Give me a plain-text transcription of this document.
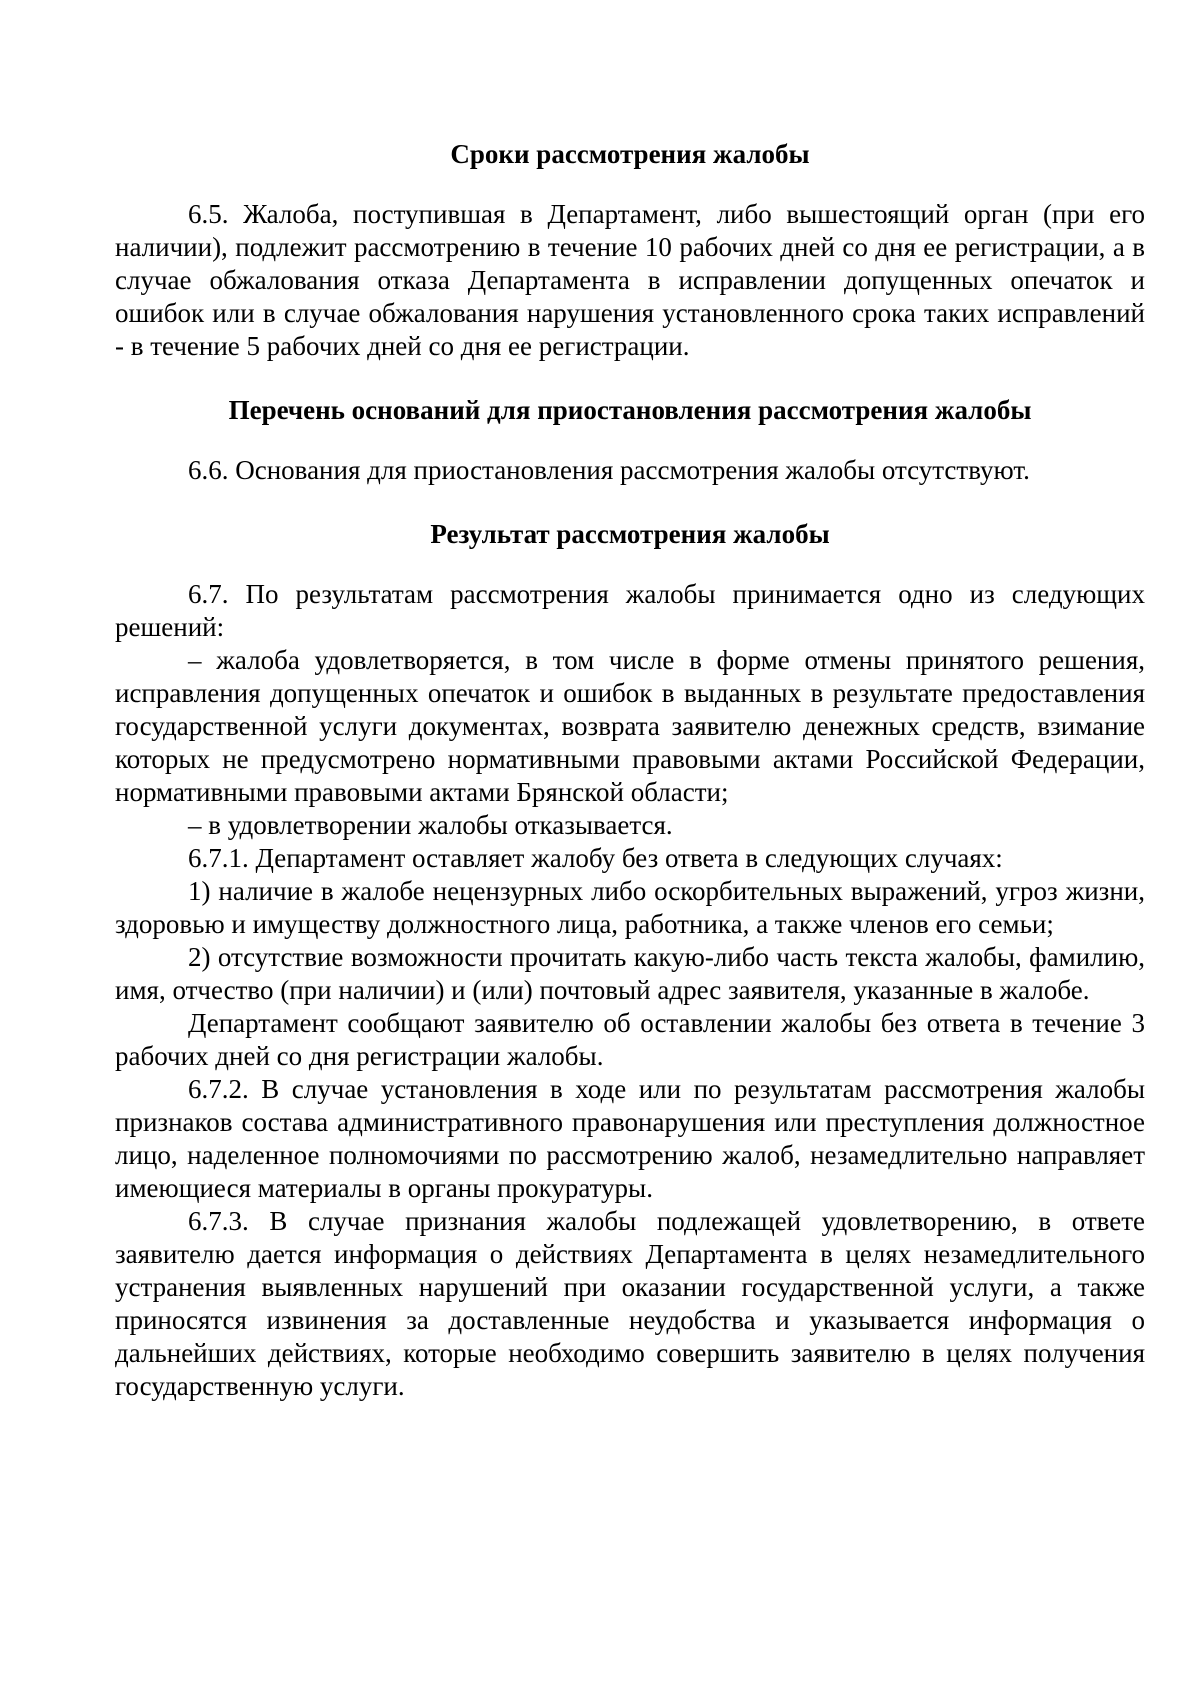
Сроки рассмотрения жалобы

6.5. Жалоба, поступившая в Департамент, либо вышестоящий орган (при его наличии), подлежит рассмотрению в течение 10 рабочих дней со дня ее регистрации, а в случае обжалования отказа Департамента в исправлении допущенных опечаток и ошибок или в случае обжалования нарушения установленного срока таких исправлений - в течение 5 рабочих дней со дня ее регистрации.

Перечень оснований для приостановления рассмотрения жалобы

6.6. Основания для приостановления рассмотрения жалобы отсутствуют.

Результат рассмотрения жалобы

6.7. По результатам рассмотрения жалобы принимается одно из следующих решений:

– жалоба удовлетворяется, в том числе в форме отмены принятого решения, исправления допущенных опечаток и ошибок в выданных в результате предоставления государственной услуги документах, возврата заявителю денежных средств, взимание которых не предусмотрено нормативными правовыми актами Российской Федерации, нормативными правовыми актами Брянской области;

– в удовлетворении жалобы отказывается.

6.7.1. Департамент оставляет жалобу без ответа в следующих случаях:

1) наличие в жалобе нецензурных либо оскорбительных выражений, угроз жизни, здоровью и имуществу должностного лица, работника, а также членов его семьи;

2) отсутствие возможности прочитать какую-либо часть текста жалобы, фамилию, имя, отчество (при наличии) и (или) почтовый адрес заявителя, указанные в жалобе.

Департамент сообщают заявителю об оставлении жалобы без ответа в течение 3 рабочих дней со дня регистрации жалобы.

6.7.2. В случае установления в ходе или по результатам рассмотрения жалобы признаков состава административного правонарушения или преступления должностное лицо, наделенное полномочиями по рассмотрению жалоб, незамедлительно направляет имеющиеся материалы в органы прокуратуры.

6.7.3. В случае признания жалобы подлежащей удовлетворению, в ответе заявителю дается информация о действиях Департамента в целях незамедлительного устранения выявленных нарушений при оказании государственной услуги, а также приносятся извинения за доставленные неудобства и указывается информация о дальнейших действиях, которые необходимо совершить заявителю в целях получения государственную услуги.
